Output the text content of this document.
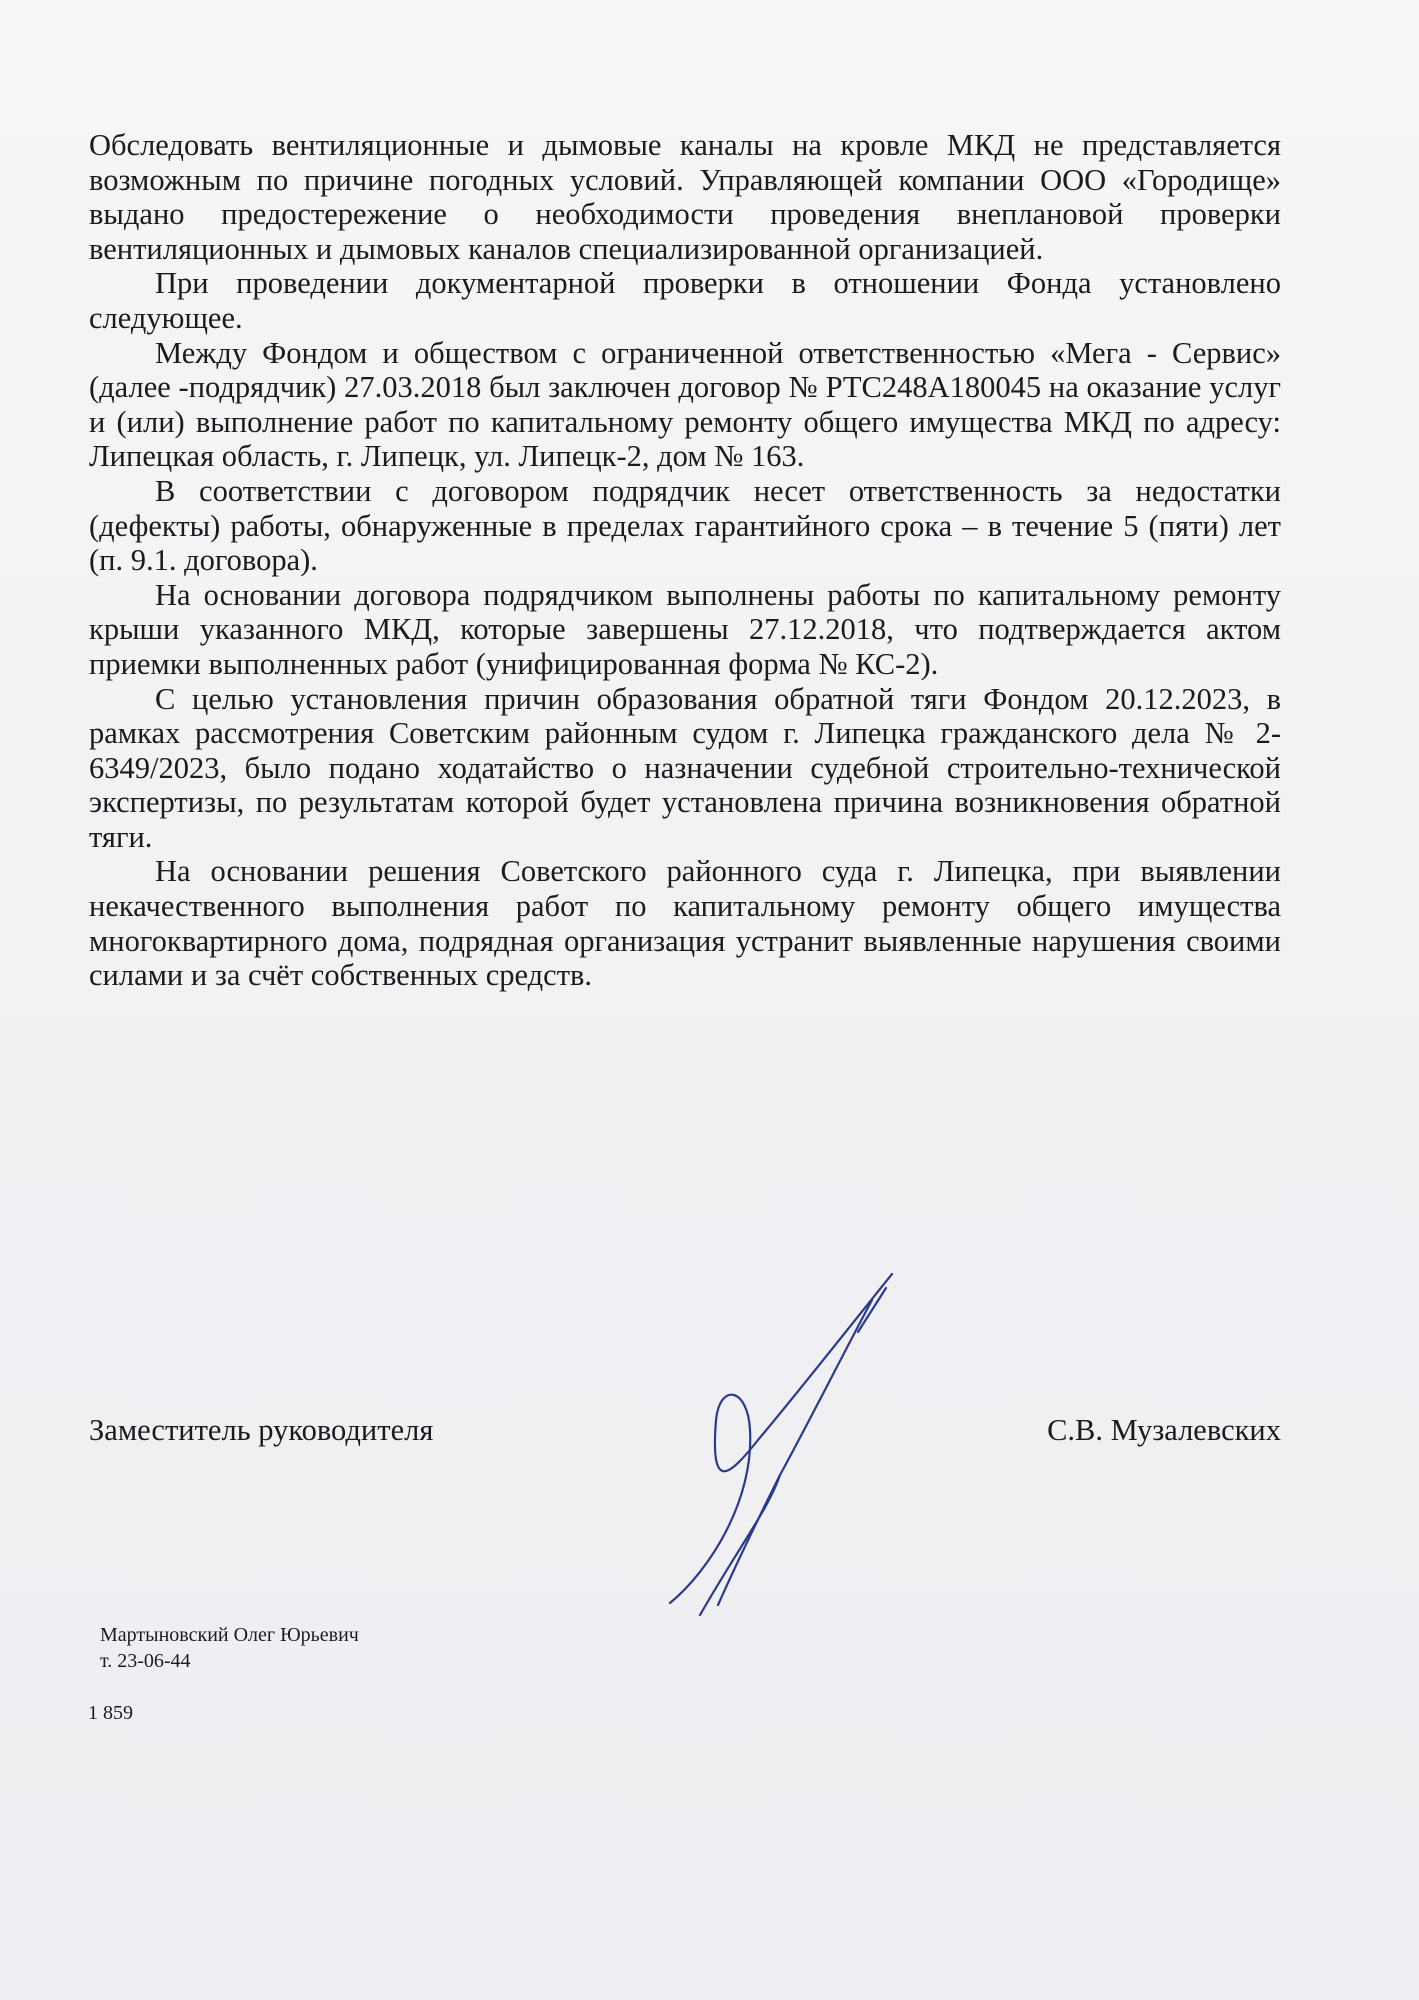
Обследовать вентиляционные и дымовые каналы на кровле МКД не представляется возможным по причине погодных условий. Управляющей компании ООО «Городище» выдано предостережение о необходимости проведения внеплановой проверки вентиляционных и дымовых каналов специализированной организацией.

При проведении документарной проверки в отношении Фонда установлено следующее.

Между Фондом и обществом с ограниченной ответственностью «Мега - Сервис» (далее -подрядчик) 27.03.2018 был заключен договор № РТС248А180045 на оказание услуг и (или) выполнение работ по капитальному ремонту общего имущества МКД по адресу: Липецкая область, г. Липецк, ул. Липецк-2, дом № 163.

В соответствии с договором подрядчик несет ответственность за недостатки (дефекты) работы, обнаруженные в пределах гарантийного срока – в течение 5 (пяти) лет (п. 9.1. договора).

На основании договора подрядчиком выполнены работы по капитальному ремонту крыши указанного МКД, которые завершены 27.12.2018, что подтверждается актом приемки выполненных работ (унифицированная форма № КС-2).

С целью установления причин образования обратной тяги Фондом 20.12.2023, в рамках рассмотрения Советским районным судом г. Липецка гражданского дела № 2-6349/2023, было подано ходатайство о назначении судебной строительно-технической экспертизы, по результатам которой будет установлена причина возникновения обратной тяги.

На основании решения Советского районного суда г. Липецка, при выявлении некачественного выполнения работ по капитальному ремонту общего имущества многоквартирного дома, подрядная организация устранит выявленные нарушения своими силами и за счёт собственных средств.

Заместитель руководителя	С.В. Музалевских
Мартыновский Олег Юрьевич
т. 23-06-44
1 859
